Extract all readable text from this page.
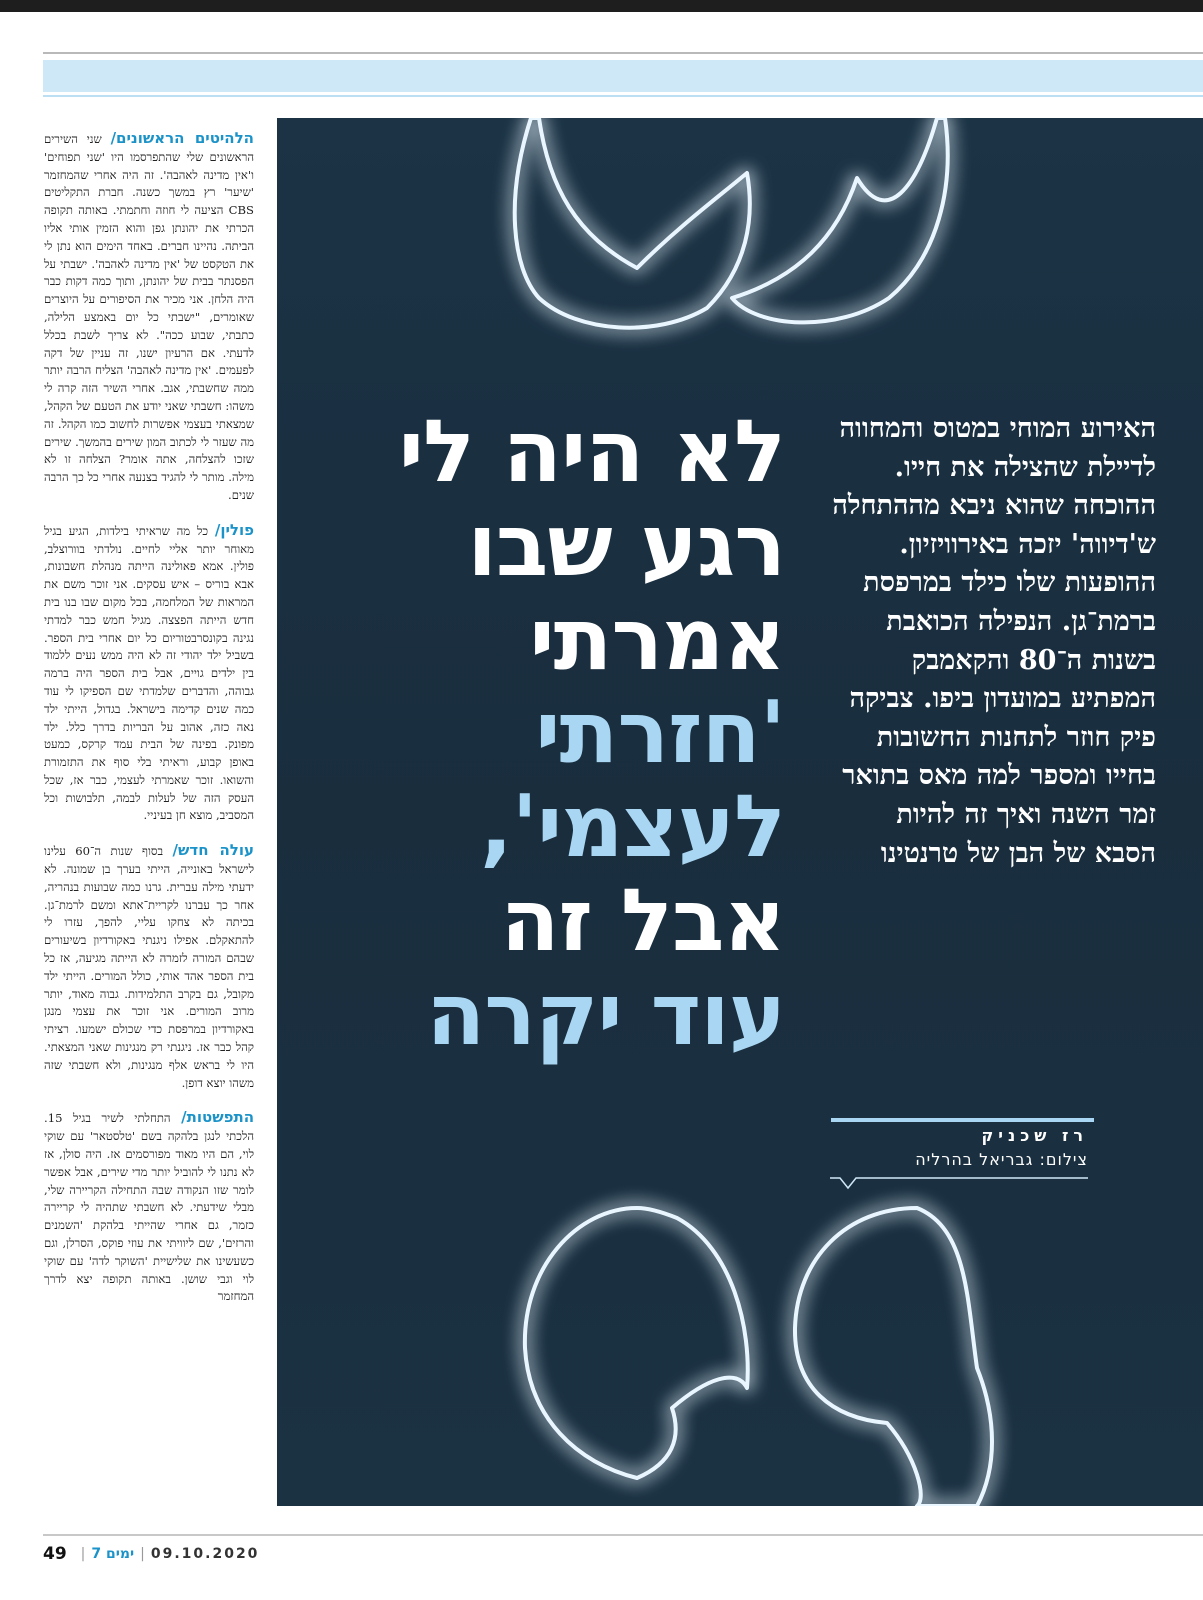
הלהיטים הראשונים/ שני השירים הראשונים שלי שהתפרסמו היו 'שני תפוחים' ו'אין מדינה לאהבה'. זה היה אחרי שהמחזמר 'שיער' רץ במשך כשנה. חברת התקליטים CBS הציעה לי חוזה וחתמתי. באותה תקופה הכרתי את יהונתן גפן והוא הזמין אותי אליו הביתה. נהיינו חברים. באחד הימים הוא נתן לי את הטקסט של 'אין מדינה לאהבה'. ישבתי על הפסנתר בבית של יהונתן, ותוך כמה דקות כבר היה הלחן. אני מכיר את הסיפורים על היוצרים שאומרים, "ישבתי כל יום באמצע הלילה, כתבתי, שבוע ככה". לא צריך לשבת בכלל לדעתי. אם הרעיון ישנו, זה עניין של דקה לפעמים. 'אין מדינה לאהבה' הצליח הרבה יותר ממה שחשבתי, אגב. אחרי השיר הזה קרה לי משהו: חשבתי שאני יודע את הטעם של הקהל, שמצאתי בעצמי אפשרות לחשוב כמו הקהל. זה מה שעזר לי לכתוב המון שירים בהמשך. שירים שזכו להצלחה, אתה אומר? הצלחה זו לא מילה. מותר לי להגיד בצנעה אחרי כל כך הרבה שנים.

פולין/ כל מה שראיתי בילדות, הגיע בגיל מאוחר יותר אליי לחיים. נולדתי בוורוצלב, פולין. אמא פאולינה הייתה מנהלת חשבונות, אבא בוריס – איש עסקים. אני זוכר משם את המראות של המלחמה, בכל מקום שבו בנו בית חדש הייתה הפצצה. מגיל חמש כבר למדתי נגינה בקונסרבטוריום כל יום אחרי בית הספר. בשביל ילד יהודי זה לא היה ממש נעים ללמוד בין ילדים גויים, אבל בית הספר היה ברמה גבוהה, והדברים שלמדתי שם הספיקו לי עוד כמה שנים קדימה בישראל. בגדול, הייתי ילד נאה כזה, אהוב על הבריות בדרך כלל. ילד מפונק. בפינה של הבית עמד קרקס, כמעט באופן קבוע, וראיתי בלי סוף את התזמורת והשואו. זוכר שאמרתי לעצמי, כבר אז, שכל העסק הזה של לעלות לבמה, תלבושות וכל המסביב, מוצא חן בעיניי.

עולה חדש/ בסוף שנות ה־60 עלינו לישראל באונייה, הייתי בערך בן שמונה. לא ידעתי מילה עברית. גרנו כמה שבועות בנהריה, אחר כך עברנו לקריית־אתא ומשם לרמת־גן. בכיתה לא צחקו עליי, להפך, עזרו לי להתאקלם. אפילו ניגנתי באקורדיון בשיעורים שבהם המורה לזמרה לא הייתה מגיעה, אז כל בית הספר אהד אותי, כולל המורים. הייתי ילד מקובל, גם בקרב התלמידות. גבוה מאוד, יותר מרוב המורים. אני זוכר את עצמי מנגן באקורדיון במרפסת כדי שכולם ישמעו. רציתי קהל כבר אז. ניגנתי רק מנגינות שאני המצאתי. היו לי בראש אלף מנגינות, ולא חשבתי שזה משהו יוצא דופן.

התפשטות/ התחלתי לשיר בגיל 15. הלכתי לנגן בלהקה בשם 'טלסטאר' עם שוקי לוי, הם היו מאוד מפורסמים אז. היה סולן, אז לא נתנו לי להוביל יותר מדי שירים, אבל אפשר לומר שזו הנקודה שבה התחילה הקריירה שלי, מבלי שידעתי. לא חשבתי שתהיה לי קריירה כזמר, גם אחרי שהייתי בלהקת 'השמנים והרזים', שם ליוויתי את עוזי פוקס, הסרלן, וגם כשעשינו את שלישיית 'השוקר לדה' עם שוקי לוי וגבי שושן. באותה תקופה יצא לדרך המחזמר

לא היה לי
רגע שבו
אמרתי
'חזרתי
לעצמי',
אבל זה
עוד יקרה
האירוע המוחי במטוס והמחווה לדיילת שהצילה את חייו. ההוכחה שהוא ניבא מההתחלה ש'דיווה' יזכה באירוויזיון. ההופעות שלו כילד במרפסת ברמת־גן. הנפילה הכואבת בשנות ה־80 והקאמבק המפתיע במועדון ביפו. צביקה פיק חוזר לתחנות החשובות בחייו ומספר למה מאס בתואר זמר השנה ואיך זה להיות הסבא של הבן של טרנטינו
רז שכניק
צילום: גבריאל בהרליה
49 | 7 ימים | 09.10.2020
